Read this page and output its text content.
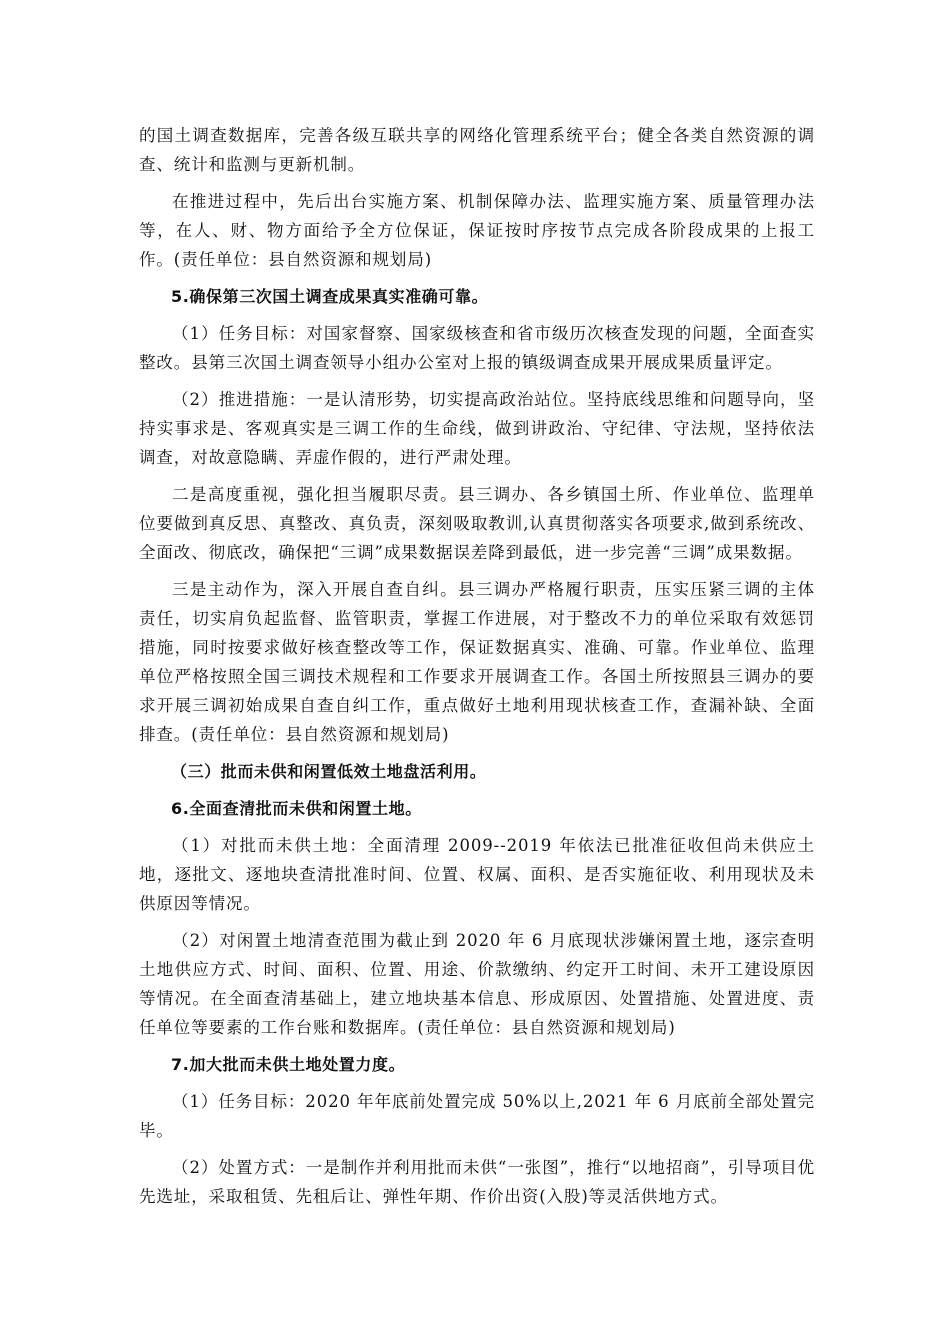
的国土调查数据库，完善各级互联共享的网络化管理系统平台；健全各类自然资源的调查、统计和监测与更新机制。

在推进过程中，先后出台实施方案、机制保障办法、监理实施方案、质量管理办法等，在人、财、物方面给予全方位保证，保证按时序按节点完成各阶段成果的上报工作。(责任单位：县自然资源和规划局)

5.确保第三次国土调查成果真实准确可靠。

（1）任务目标：对国家督察、国家级核查和省市级历次核查发现的问题，全面查实整改。县第三次国土调查领导小组办公室对上报的镇级调查成果开展成果质量评定。

（2）推进措施：一是认清形势，切实提高政治站位。坚持底线思维和问题导向，坚持实事求是、客观真实是三调工作的生命线，做到讲政治、守纪律、守法规，坚持依法调查，对故意隐瞒、弄虚作假的，进行严肃处理。

二是高度重视，强化担当履职尽责。县三调办、各乡镇国土所、作业单位、监理单位要做到真反思、真整改、真负责，深刻吸取教训,认真贯彻落实各项要求,做到系统改、全面改、彻底改，确保把“三调”成果数据误差降到最低，进一步完善“三调”成果数据。

三是主动作为，深入开展自查自纠。县三调办严格履行职责，压实压紧三调的主体责任，切实肩负起监督、监管职责，掌握工作进展，对于整改不力的单位采取有效惩罚措施，同时按要求做好核查整改等工作，保证数据真实、准确、可靠。作业单位、监理单位严格按照全国三调技术规程和工作要求开展调查工作。各国土所按照县三调办的要求开展三调初始成果自查自纠工作，重点做好土地利用现状核查工作，查漏补缺、全面排查。(责任单位：县自然资源和规划局)

（三）批而未供和闲置低效土地盘活利用。

6.全面查清批而未供和闲置土地。

（1）对批而未供土地：全面清理 2009--2019 年依法已批准征收但尚未供应土地，逐批文、逐地块查清批准时间、位置、权属、面积、是否实施征收、利用现状及未供原因等情况。

（2）对闲置土地清查范围为截止到 2020 年 6 月底现状涉嫌闲置土地，逐宗查明土地供应方式、时间、面积、位置、用途、价款缴纳、约定开工时间、未开工建设原因等情况。在全面查清基础上，建立地块基本信息、形成原因、处置措施、处置进度、责任单位等要素的工作台账和数据库。(责任单位：县自然资源和规划局)

7.加大批而未供土地处置力度。

（1）任务目标：2020 年年底前处置完成 50%以上,2021 年 6 月底前全部处置完毕。

（2）处置方式：一是制作并利用批而未供“一张图”，推行“以地招商”，引导项目优先选址，采取租赁、先租后让、弹性年期、作价出资(入股)等灵活供地方式。
